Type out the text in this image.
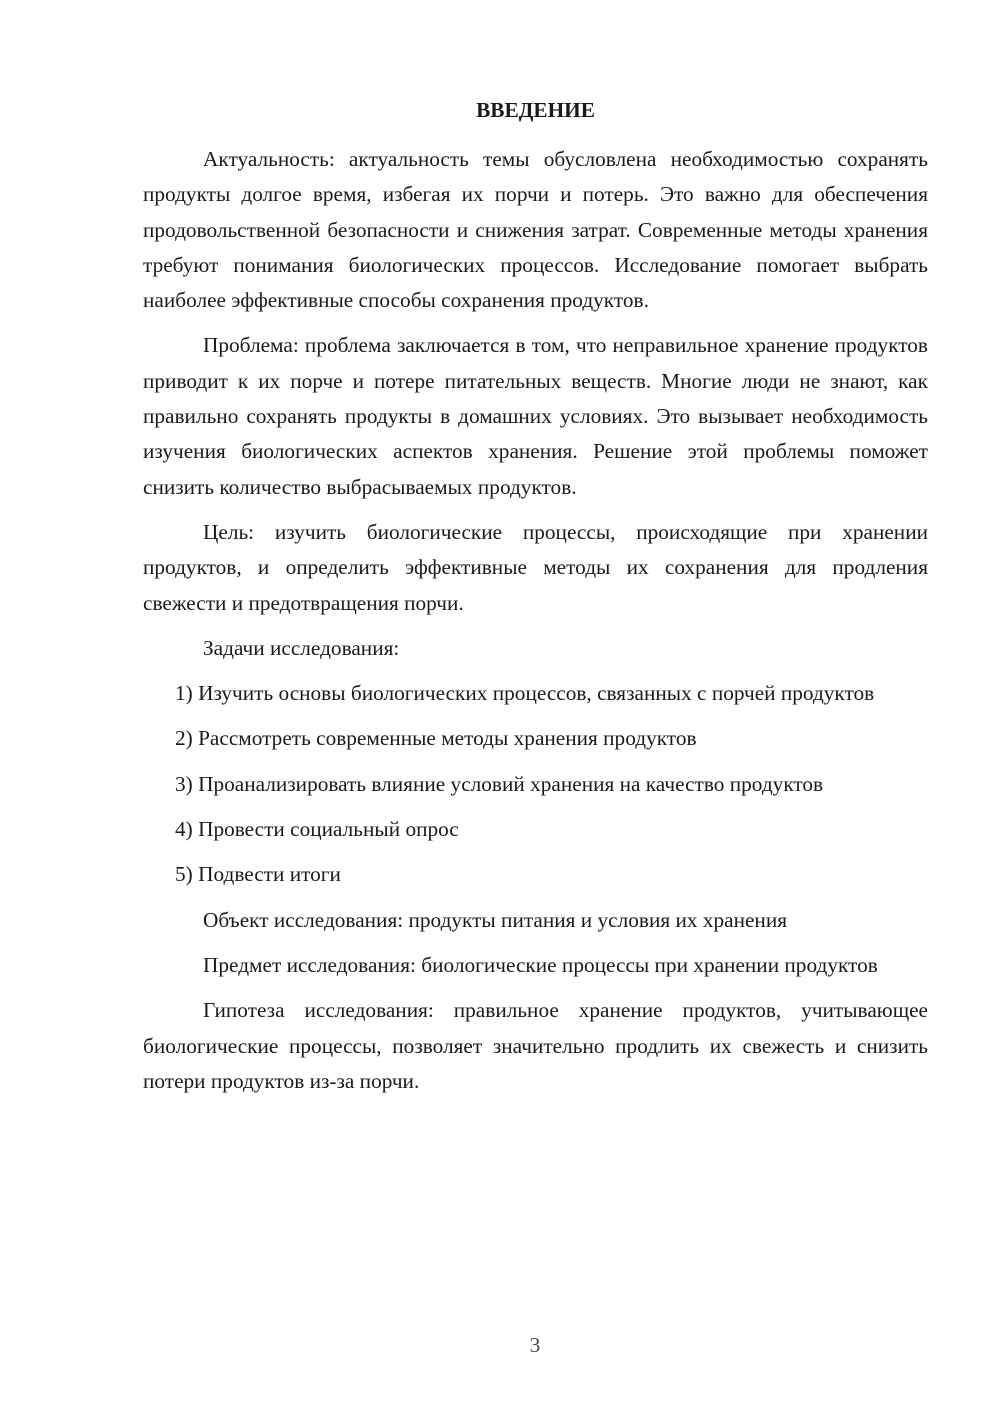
ВВЕДЕНИЕ

Актуальность: актуальность темы обусловлена необходимостью сохранять продукты долгое время, избегая их порчи и потерь. Это важно для обеспечения продовольственной безопасности и снижения затрат. Современные методы хранения требуют понимания биологических процессов. Исследование помогает выбрать наиболее эффективные способы сохранения продуктов.

Проблема: проблема заключается в том, что неправильное хранение продуктов приводит к их порче и потере питательных веществ. Многие люди не знают, как правильно сохранять продукты в домашних условиях. Это вызывает необходимость изучения биологических аспектов хранения. Решение этой проблемы поможет снизить количество выбрасываемых продуктов.

Цель: изучить биологические процессы, происходящие при хранении продуктов, и определить эффективные методы их сохранения для продления свежести и предотвращения порчи.

Задачи исследования:

1) Изучить основы биологических процессов, связанных с порчей продуктов

2) Рассмотреть современные методы хранения продуктов

3) Проанализировать влияние условий хранения на качество продуктов

4) Провести социальный опрос

5) Подвести итоги

Объект исследования: продукты питания и условия их хранения

Предмет исследования: биологические процессы при хранении продуктов

Гипотеза исследования: правильное хранение продуктов, учитывающее биологические процессы, позволяет значительно продлить их свежесть и снизить потери продуктов из-за порчи.

3
